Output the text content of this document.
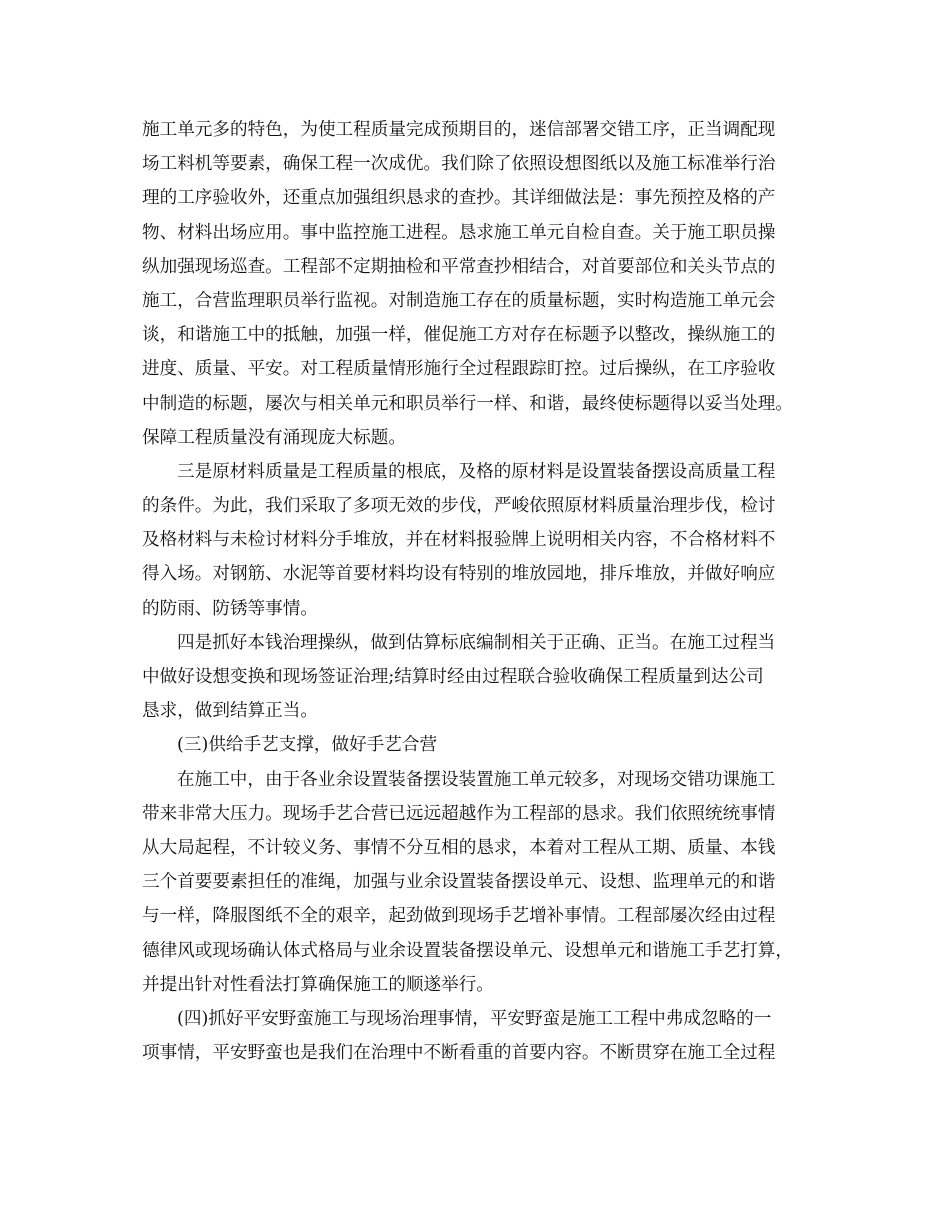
施工单元多的特色，为使工程质量完成预期目的，迷信部署交错工序，正当调配现
场工料机等要素，确保工程一次成优。我们除了依照设想图纸以及施工标准举行治
理的工序验收外，还重点加强组织恳求的查抄。其详细做法是：事先预控及格的产
物、材料出场应用。事中监控施工进程。恳求施工单元自检自查。关于施工职员操
纵加强现场巡查。工程部不定期抽检和平常查抄相结合，对首要部位和关头节点的
施工，合营监理职员举行监视。对制造施工存在的质量标题，实时构造施工单元会
谈，和谐施工中的抵触，加强一样，催促施工方对存在标题予以整改，操纵施工的
进度、质量、平安。对工程质量情形施行全过程跟踪盯控。过后操纵，在工序验收
中制造的标题，屡次与相关单元和职员举行一样、和谐，最终使标题得以妥当处理。
保障工程质量没有涌现庞大标题。
三是原材料质量是工程质量的根底，及格的原材料是设置装备摆设高质量工程
的条件。为此，我们采取了多项无效的步伐，严峻依照原材料质量治理步伐，检讨
及格材料与未检讨材料分手堆放，并在材料报验牌上说明相关内容，不合格材料不
得入场。对钢筋、水泥等首要材料均设有特别的堆放园地，排斥堆放，并做好响应
的防雨、防锈等事情。
四是抓好本钱治理操纵，做到估算标底编制相关于正确、正当。在施工过程当
中做好设想变换和现场签证治理;结算时经由过程联合验收确保工程质量到达公司
恳求，做到结算正当。
(三)供给手艺支撑，做好手艺合营
在施工中，由于各业余设置装备摆设装置施工单元较多，对现场交错功课施工
带来非常大压力。现场手艺合营已远远超越作为工程部的恳求。我们依照统统事情
从大局起程，不计较义务、事情不分互相的恳求，本着对工程从工期、质量、本钱
三个首要要素担任的准绳，加强与业余设置装备摆设单元、设想、监理单元的和谐
与一样，降服图纸不全的艰辛，起劲做到现场手艺增补事情。工程部屡次经由过程
德律风或现场确认体式格局与业余设置装备摆设单元、设想单元和谐施工手艺打算，
并提出针对性看法打算确保施工的顺遂举行。
(四)抓好平安野蛮施工与现场治理事情，平安野蛮是施工工程中弗成忽略的一
项事情，平安野蛮也是我们在治理中不断看重的首要内容。不断贯穿在施工全过程
